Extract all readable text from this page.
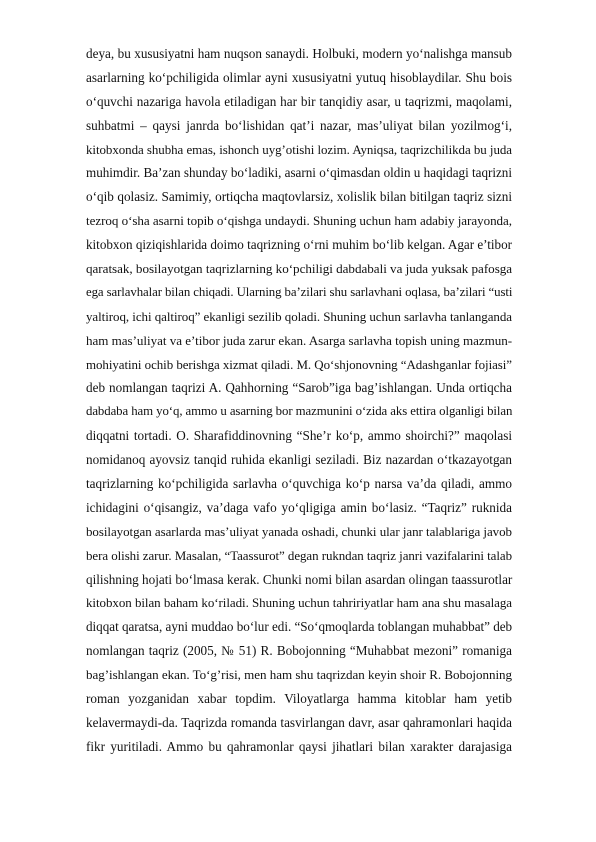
deya, bu xususiyatni ham nuqson sanaydi. Holbuki, modern yo‘nalishga mansub
asarlarning ko‘pchiligida olimlar ayni xususiyatni yutuq hisoblaydilar. Shu bois
o‘quvchi nazariga havola etiladigan har bir tanqidiy asar, u taqrizmi, maqolami,
suhbatmi – qaysi janrda bo‘lishidan qat’i nazar, mas’uliyat bilan yozilmog‘i,
kitobxonda shubha emas, ishonch uyg’otishi lozim. Ayniqsa, taqrizchilikda bu juda
muhimdir. Ba’zan shunday bo‘ladiki, asarni o‘qimasdan oldin u haqidagi taqrizni
o‘qib qolasiz. Samimiy, ortiqcha maqtovlarsiz, xolislik bilan bitilgan taqriz sizni
tezroq o‘sha asarni topib o‘qishga undaydi. Shuning uchun ham adabiy jarayonda,
kitobxon qiziqishlarida doimo taqrizning o‘rni muhim bo‘lib kelgan. Agar e’tibor
qaratsak, bosilayotgan taqrizlarning ko‘pchiligi dabdabali va juda yuksak pafosga
ega sarlavhalar bilan chiqadi. Ularning ba’zilari shu sarlavhani oqlasa, ba’zilari “usti
yaltiroq, ichi qaltiroq” ekanligi sezilib qoladi. Shuning uchun sarlavha tanlanganda
ham mas’uliyat va e’tibor juda zarur ekan. Asarga sarlavha topish uning mazmun-
mohiyatini ochib berishga xizmat qiladi. M. Qo‘shjonovning “Adashganlar fojiasi”
deb nomlangan taqrizi A. Qahhorning “Sarob”iga bag’ishlangan. Unda ortiqcha
dabdaba ham yo‘q, ammo u asarning bor mazmunini o‘zida aks ettira olganligi bilan
diqqatni tortadi. O. Sharafiddinovning “She’r ko‘p, ammo shoirchi?” maqolasi
nomidanoq ayovsiz tanqid ruhida ekanligi seziladi. Biz nazardan o‘tkazayotgan
taqrizlarning ko‘pchiligida sarlavha o‘quvchiga ko‘p narsa va’da qiladi, ammo
ichidagini o‘qisangiz, va’daga vafo yo‘qligiga amin bo‘lasiz. “Taqriz” ruknida
bosilayotgan asarlarda mas’uliyat yanada oshadi, chunki ular janr talablariga javob
bera olishi zarur. Masalan, “Taassurot” degan rukndan taqriz janri vazifalarini talab
qilishning hojati bo‘lmasa kerak. Chunki nomi bilan asardan olingan taassurotlar
kitobxon bilan baham ko‘riladi. Shuning uchun tahririyatlar ham ana shu masalaga
diqqat qaratsa, ayni muddao bo‘lur edi. “So‘qmoqlarda toblangan muhabbat” deb
nomlangan taqriz (2005, № 51) R. Bobojonning “Muhabbat mezoni” romaniga
bag’ishlangan ekan. To‘g’risi, men ham shu taqrizdan keyin shoir R. Bobojonning
roman yozganidan xabar topdim. Viloyatlarga hamma kitoblar ham yetib
kelavermaydi-da. Taqrizda romanda tasvirlangan davr, asar qahramonlari haqida
fikr yuritiladi. Ammo bu qahramonlar qaysi jihatlari bilan xarakter darajasiga
